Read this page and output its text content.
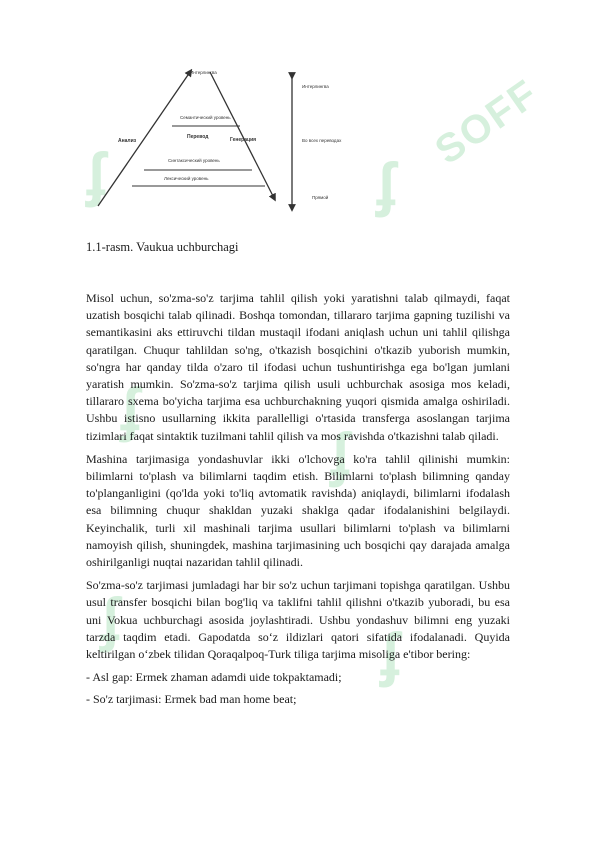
ʄ	ʄ
SOFF
ʄ
ʄ
ʄ
ʄ
Интерлингва
Анализ	Генерация
Семантический уровень
Перевод
Синтаксический уровень
Лексический уровень
Интерлингва
Во всех переводах
Прямой
1.1-rasm. Vaukua uchburchagi

Misol uchun, so'zma-so'z tarjima tahlil qilish yoki yaratishni talab qilmaydi, faqat uzatish bosqichi talab qilinadi. Boshqa tomondan, tillararo tarjima gapning tuzilishi va semantikasini aks ettiruvchi tildan mustaqil ifodani aniqlash uchun uni tahlil qilishga qaratilgan. Chuqur tahlildan so'ng, o'tkazish bosqichini o'tkazib yuborish mumkin, so'ngra har qanday tilda o'zaro til ifodasi uchun tushuntirishga ega bo'lgan jumlani yaratish mumkin. So'zma-so'z tarjima qilish usuli uchburchak asosiga mos keladi, tillararo sxema bo'yicha tarjima esa uchburchakning yuqori qismida amalga oshiriladi. Ushbu istisno usullarning ikkita parallelligi o'rtasida transferga asoslangan tarjima tizimlari faqat sintaktik tuzilmani tahlil qilish va mos ravishda o'tkazishni talab qiladi.

Mashina tarjimasiga yondashuvlar ikki o'lchovga ko'ra tahlil qilinishi mumkin: bilimlarni to'plash va bilimlarni taqdim etish. Bilimlarni to'plash bilimning qanday to'planganligini (qo'lda yoki to'liq avtomatik ravishda) aniqlaydi, bilimlarni ifodalash esa bilimning chuqur shakldan yuzaki shaklga qadar ifodalanishini belgilaydi. Keyinchalik, turli xil mashinali tarjima usullari bilimlarni to'plash va bilimlarni namoyish qilish, shuningdek, mashina tarjimasining uch bosqichi qay darajada amalga oshirilganligi nuqtai nazaridan tahlil qilinadi.

So'zma-so'z tarjimasi jumladagi har bir so'z uchun tarjimani topishga qaratilgan. Ushbu usul transfer bosqichi bilan bog'liq va taklifni tahlil qilishni o'tkazib yuboradi, bu esa uni Vokua uchburchagi asosida joylashtiradi. Ushbu yondashuv bilimni eng yuzaki tarzda taqdim etadi. Gapodatda so‘z ildizlari qatori sifatida ifodalanadi. Quyida keltirilgan o‘zbek tilidan Qoraqalpoq-Turk tiliga tarjima misoliga e'tibor bering:

- Asl gap: Ermek zhaman adamdi uide tokpaktamadi;

- So'z tarjimasi: Ermek bad man home beat;
